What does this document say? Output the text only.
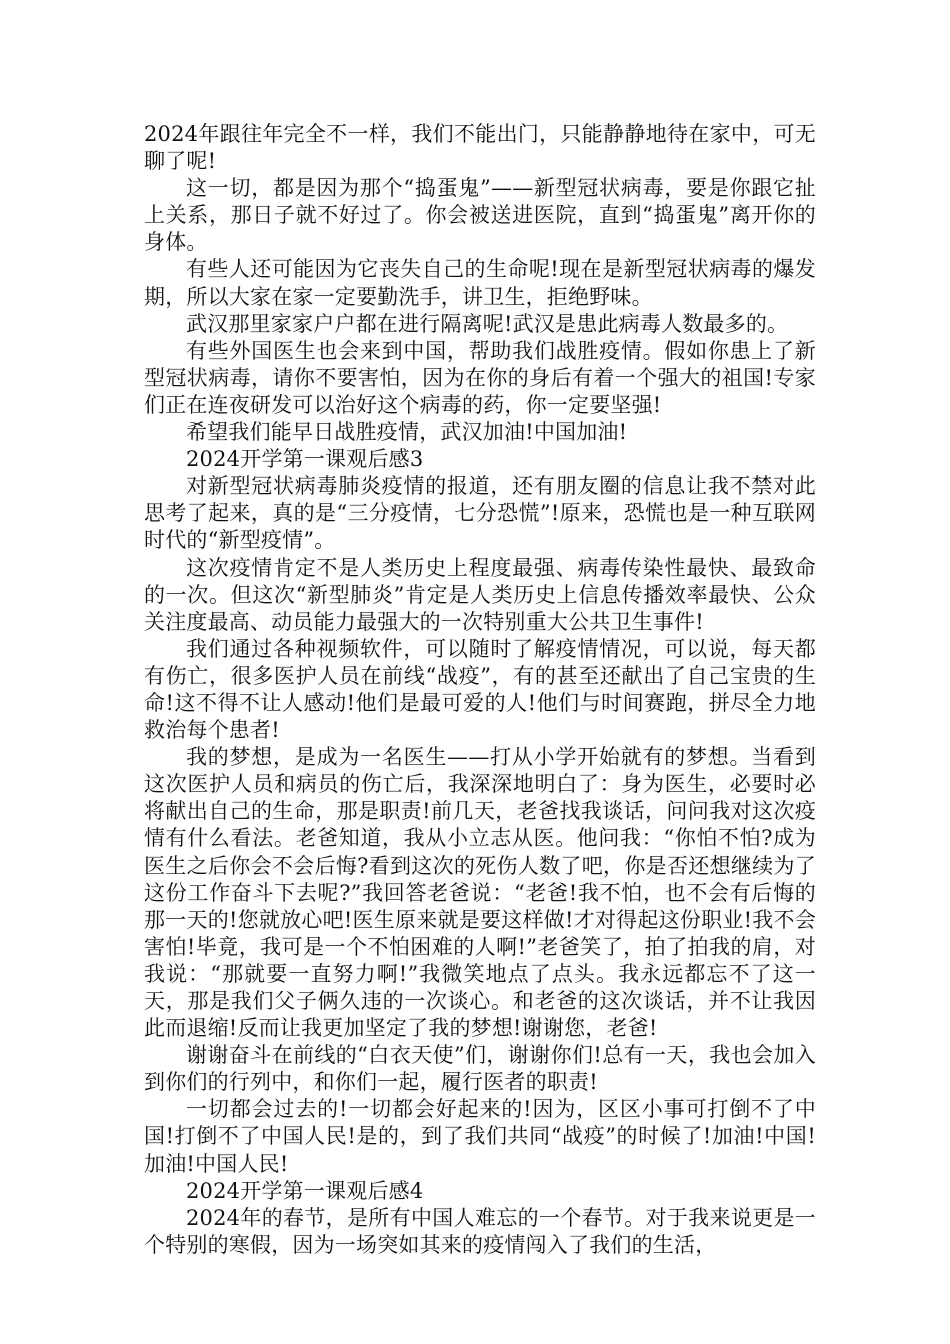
2024年跟往年完全不一样，我们不能出门，只能静静地待在家中，可无聊了呢!

这一切，都是因为那个“捣蛋鬼”——新型冠状病毒，要是你跟它扯上关系，那日子就不好过了。你会被送进医院，直到“捣蛋鬼”离开你的身体。

有些人还可能因为它丧失自己的生命呢!现在是新型冠状病毒的爆发期，所以大家在家一定要勤洗手，讲卫生，拒绝野味。

武汉那里家家户户都在进行隔离呢!武汉是患此病毒人数最多的。

有些外国医生也会来到中国，帮助我们战胜疫情。假如你患上了新型冠状病毒，请你不要害怕，因为在你的身后有着一个强大的祖国!专家们正在连夜研发可以治好这个病毒的药，你一定要坚强!

希望我们能早日战胜疫情，武汉加油!中国加油!

2024开学第一课观后感3

对新型冠状病毒肺炎疫情的报道，还有朋友圈的信息让我不禁对此思考了起来，真的是“三分疫情，七分恐慌”!原来，恐慌也是一种互联网时代的“新型疫情”。

这次疫情肯定不是人类历史上程度最强、病毒传染性最快、最致命的一次。但这次“新型肺炎”肯定是人类历史上信息传播效率最快、公众关注度最高、动员能力最强大的一次特别重大公共卫生事件!

我们通过各种视频软件，可以随时了解疫情情况，可以说，每天都有伤亡，很多医护人员在前线“战疫”，有的甚至还献出了自己宝贵的生命!这不得不让人感动!他们是最可爱的人!他们与时间赛跑，拼尽全力地救治每个患者!

我的梦想，是成为一名医生——打从小学开始就有的梦想。当看到这次医护人员和病员的伤亡后，我深深地明白了：身为医生，必要时必将献出自己的生命，那是职责!前几天，老爸找我谈话，问问我对这次疫情有什么看法。老爸知道，我从小立志从医。他问我：“你怕不怕?成为医生之后你会不会后悔?看到这次的死伤人数了吧，你是否还想继续为了这份工作奋斗下去呢?”我回答老爸说：“老爸!我不怕，也不会有后悔的那一天的!您就放心吧!医生原来就是要这样做!才对得起这份职业!我不会害怕!毕竟，我可是一个不怕困难的人啊!”老爸笑了，拍了拍我的肩，对我说：“那就要一直努力啊!”我微笑地点了点头。我永远都忘不了这一天，那是我们父子俩久违的一次谈心。和老爸的这次谈话，并不让我因此而退缩!反而让我更加坚定了我的梦想!谢谢您，老爸!

谢谢奋斗在前线的“白衣天使”们，谢谢你们!总有一天，我也会加入到你们的行列中，和你们一起，履行医者的职责!

一切都会过去的!一切都会好起来的!因为，区区小事可打倒不了中国!打倒不了中国人民!是的，到了我们共同“战疫”的时候了!加油!中国!加油!中国人民!

2024开学第一课观后感4

2024年的春节，是所有中国人难忘的一个春节。对于我来说更是一个特别的寒假，因为一场突如其来的疫情闯入了我们的生活，
